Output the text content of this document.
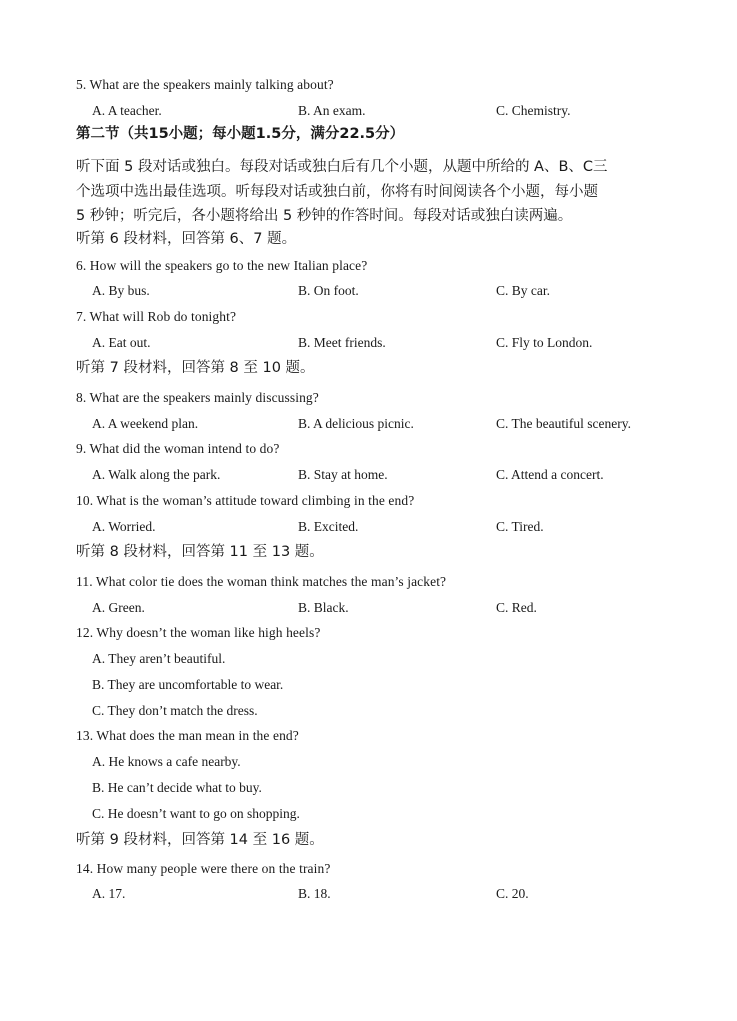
5. What are the speakers mainly talking about?
A. A teacher.	B. An exam.	C. Chemistry.
第二节（共15小题；每小题1.5分，满分22.5分）
听下面 5 段对话或独白。每段对话或独白后有几个小题，从题中所给的 A、B、C三
个选项中选出最佳选项。听每段对话或独白前，你将有时间阅读各个小题，每小题
5 秒钟；听完后，各小题将给出 5 秒钟的作答时间。每段对话或独白读两遍。
听第 6 段材料，回答第 6、7 题。
6. How will the speakers go to the new Italian place?
A. By bus.	B. On foot.	C. By car.
7. What will Rob do tonight?
A. Eat out.	B. Meet friends.	C. Fly to London.
听第 7 段材料，回答第 8 至 10 题。
8. What are the speakers mainly discussing?
A. A weekend plan.	B. A delicious picnic.	C. The beautiful scenery.
9. What did the woman intend to do?
A. Walk along the park.	B. Stay at home.	C. Attend a concert.
10. What is the woman’s attitude toward climbing in the end?
A. Worried.	B. Excited.	C. Tired.
听第 8 段材料，回答第 11 至 13 题。
11. What color tie does the woman think matches the man’s jacket?
A. Green.	B. Black.	C. Red.
12. Why doesn’t the woman like high heels?
A. They aren’t beautiful.
B. They are uncomfortable to wear.
C. They don’t match the dress.
13. What does the man mean in the end?
A. He knows a cafe nearby.
B. He can’t decide what to buy.
C. He doesn’t want to go on shopping.
听第 9 段材料，回答第 14 至 16 题。
14. How many people were there on the train?
A. 17.	B. 18.	C. 20.
